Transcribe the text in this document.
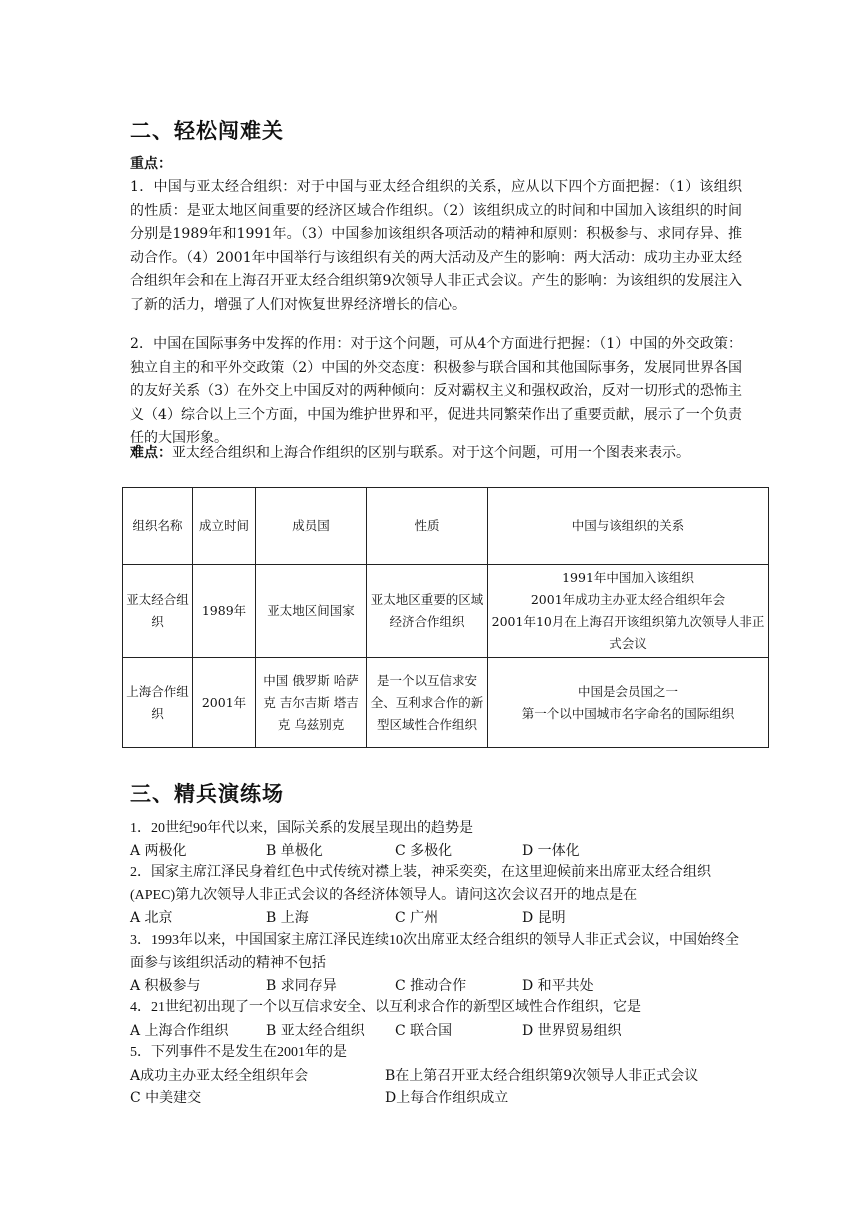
二、轻松闯难关
重点：
1．中国与亚太经合组织：对于中国与亚太经合组织的关系，应从以下四个方面把握：（1）该组织的性质：是亚太地区间重要的经济区域合作组织。（2）该组织成立的时间和中国加入该组织的时间分别是1989年和1991年。（3）中国参加该组织各项活动的精神和原则：积极参与、求同存异、推动合作。（4）2001年中国举行与该组织有关的两大活动及产生的影响：两大活动：成功主办亚太经合组织年会和在上海召开亚太经合组织第9次领导人非正式会议。产生的影响：为该组织的发展注入了新的活力，增强了人们对恢复世界经济增长的信心。
2．中国在国际事务中发挥的作用：对于这个问题，可从4个方面进行把握：（1）中国的外交政策：独立自主的和平外交政策（2）中国的外交态度：积极参与联合国和其他国际事务，发展同世界各国的友好关系（3）在外交上中国反对的两种倾向：反对霸权主义和强权政治，反对一切形式的恐怖主义（4）综合以上三个方面，中国为维护世界和平，促进共同繁荣作出了重要贡献，展示了一个负责任的大国形象。
难点：亚太经合组织和上海合作组织的区别与联系。对于这个问题，可用一个图表来表示。
组织名称	成立时间	成员国	性质	中国与该组织的关系
亚太经合组织	1989年	亚太地区间国家	亚太地区重要的区域经济合作组织	1991年中国加入该组织
2001年成功主办亚太经合组织年会
2001年10月在上海召开该组织第九次领导人非正式会议

上海合作组织	2001年	中国 俄罗斯 哈萨克 吉尔吉斯 塔吉克 乌兹别克	是一个以互信求安全、互利求合作的新型区域性合作组织	中国是会员国之一
第一个以中国城市名字命名的国际组织
三、精兵演练场
1．20世纪90年代以来，国际关系的发展呈现出的趋势是
A 两极化	B 单极化	C 多极化	D 一体化
2．国家主席江泽民身着红色中式传统对襟上装，神采奕奕，在这里迎候前来出席亚太经合组织(APEC)第九次领导人非正式会议的各经济体领导人。请问这次会议召开的地点是在
A 北京	B 上海	C 广州	D 昆明
3．1993年以来，中国国家主席江泽民连续10次出席亚太经合组织的领导人非正式会议，中国始终全面参与该组织活动的精神不包括
A 积极参与	B 求同存异	C 推动合作	D 和平共处
4．21世纪初出现了一个以互信求安全、以互利求合作的新型区域性合作组织，它是
A 上海合作组织	B 亚太经合组织 C 联合国	D 世界贸易组织
5．下列事件不是发生在2001年的是
A成功主办亚太经全组织年会	B在上第召开亚太经合组织第9次领导人非正式会议
C 中美建交	D上每合作组织成立
